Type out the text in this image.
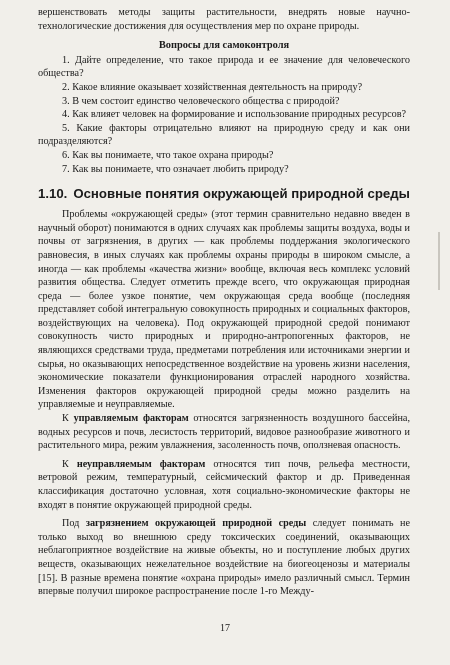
вершенствовать методы защиты растительности, внедрять новые научно-технологические достижения для осуществления мер по охране природы.

Вопросы для самоконтроля

1. Дайте определение, что такое природа и ее значение для человеческого общества?

2. Какое влияние оказывает хозяйственная деятельность на природу?

3. В чем состоит единство человеческого общества с природой?

4. Как влияет человек на формирование и использование природных ресурсов?

5. Какие факторы отрицательно влияют на природную среду и как они подразделяются?

6. Как вы понимаете, что такое охрана природы?

7. Как вы понимаете, что означает любить природу?

1.10. Основные понятия окружающей природной среды

Проблемы «окружающей среды» (этот термин сравнительно недавно введен в научный оборот) понимаются в одних случаях как проблемы защиты воздуха, воды и почвы от загрязнения, в других — как проблемы поддержания экологического равновесия, в иных случаях как проблемы охраны природы в широком смысле, а иногда — как проблемы «качества жизни» вообще, включая весь комплекс условий развития общества. Следует отметить прежде всего, что окружающая природная среда — более узкое понятие, чем окружающая среда вообще (последняя представляет собой интегральную совокупность природных и социальных факторов, воздействующих на человека). Под окружающей природной средой понимают совокупность чисто природных и природно-антропогенных факторов, не являющихся средствами труда, предметами потребления или источниками энергии и сырья, но оказывающих непосредственное воздействие на уровень жизни населения, экономические показатели функционирования отраслей народного хозяйства. Изменения факторов окружающей природной среды можно разделить на управляемые и неуправляемые.

К управляемым факторам относятся загрязненность воздушного бассейна, водных ресурсов и почв, лесистость территорий, видовое разнообразие животного и растительного мира, режим увлажнения, засоленность почв, оползневая опасность.

К неуправляемым факторам относятся тип почв, рельефа местности, ветровой режим, температурный, сейсмический фактор и др. Приведенная классификация достаточно условная, хотя социально-экономические факторы не входят в понятие окружающей природной среды.

Под загрязнением окружающей природной среды следует понимать не только выход во внешнюю среду токсических соединений, оказывающих неблагоприятное воздействие на живые объекты, но и поступление любых других веществ, оказывающих нежелательное воздействие на биогеоценозы и материалы [15]. В разные времена понятие «охрана природы» имело различный смысл. Термин впервые получил широкое распространение после 1-го Между-

17
